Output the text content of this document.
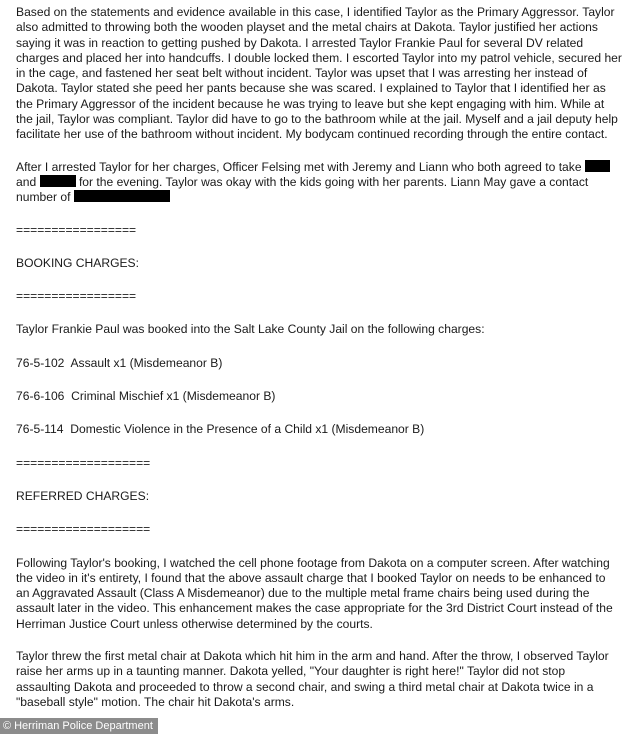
Based on the statements and evidence available in this case, I identified Taylor as the Primary Aggressor. Taylor also admitted to throwing both the wooden playset and the metal chairs at Dakota. Taylor justified her actions saying it was in reaction to getting pushed by Dakota. I arrested Taylor Frankie Paul for several DV related charges and placed her into handcuffs. I double locked them. I escorted Taylor into my patrol vehicle, secured her in the cage, and fastened her seat belt without incident. Taylor was upset that I was arresting her instead of Dakota. Taylor stated she peed her pants because she was scared. I explained to Taylor that I identified her as the Primary Aggressor of the incident because he was trying to leave but she kept engaging with him. While at the jail, Taylor was compliant. Taylor did have to go to the bathroom while at the jail. Myself and a jail deputy help facilitate her use of the bathroom without incident. My bodycam continued recording through the entire contact.

After I arrested Taylor for her charges, Officer Felsing met with Jeremy and Liann who both agreed to take  and	for the evening. Taylor was okay with the kids going with her parents. Liann May gave a contact number of

=================

BOOKING CHARGES:

=================

Taylor Frankie Paul was booked into the Salt Lake County Jail on the following charges:

76-5-102  Assault x1 (Misdemeanor B)

76-6-106  Criminal Mischief x1 (Misdemeanor B)

76-5-114  Domestic Violence in the Presence of a Child x1 (Misdemeanor B)

===================

REFERRED CHARGES:

===================

Following Taylor's booking, I watched the cell phone footage from Dakota on a computer screen. After watching the video in it's entirety, I found that the above assault charge that I booked Taylor on needs to be enhanced to an Aggravated Assault (Class A Misdemeanor) due to the multiple metal frame chairs being used during the assault later in the video. This enhancement makes the case appropriate for the 3rd District Court instead of the Herriman Justice Court unless otherwise determined by the courts.

Taylor threw the first metal chair at Dakota which hit him in the arm and hand. After the throw, I observed Taylor raise her arms up in a taunting manner. Dakota yelled, "Your daughter is right here!" Taylor did not stop assaulting Dakota and proceeded to throw a second chair, and swing a third metal chair at Dakota twice in a "baseball style" motion. The chair hit Dakota's arms.

© Herriman Police Department
